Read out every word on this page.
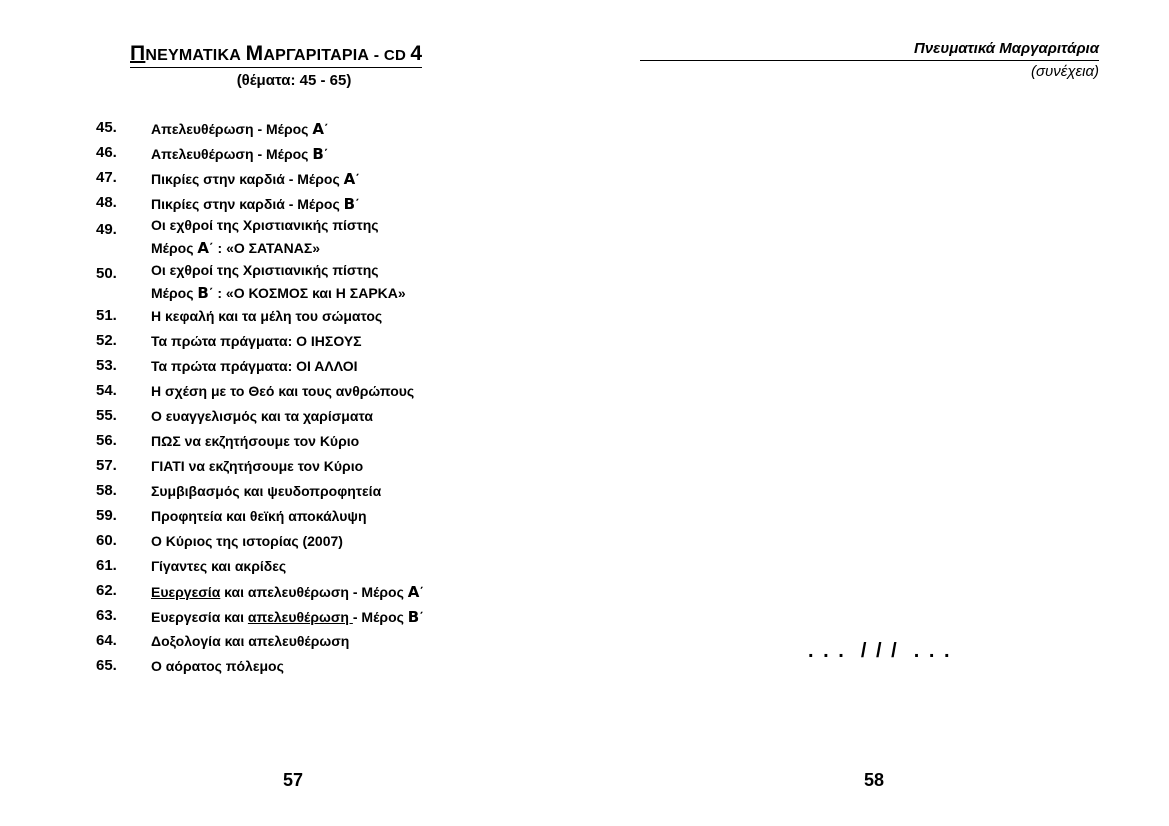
ΠΝΕΥΜΑΤΙΚΑ ΜΑΡΓΑΡΙΤΑΡΙΑ - CD 4
(θέματα: 45 - 65)
45. Απελευθέρωση - Μέρος Α΄
46. Απελευθέρωση - Μέρος Β΄
47. Πικρίες στην καρδιά - Μέρος Α΄
48. Πικρίες στην καρδιά - Μέρος Β΄
49. Οι εχθροί της Χριστιανικής πίστης
Μέρος Α΄ : «Ο ΣΑΤΑΝΑΣ»
50. Οι εχθροί της Χριστιανικής πίστης
Μέρος Β΄ : «Ο ΚΟΣΜΟΣ και Η ΣΑΡΚΑ»
51. Η κεφαλή και τα μέλη του σώματος
52. Τα πρώτα πράγματα: Ο ΙΗΣΟΥΣ
53. Τα πρώτα πράγματα: ΟΙ ΑΛΛΟΙ
54. Η σχέση με το Θεό και τους ανθρώπους
55. Ο ευαγγελισμός και τα χαρίσματα
56. ΠΩΣ να εκζητήσουμε τον Κύριο
57. ΓΙΑΤΙ να εκζητήσουμε τον Κύριο
58. Συμβιβασμός και ψευδοπροφητεία
59. Προφητεία και θεϊκή αποκάλυψη
60. Ο Κύριος της ιστορίας (2007)
61. Γίγαντες και ακρίδες
62. Ευεργεσία και απελευθέρωση - Μέρος Α΄
63. Ευεργεσία και απελευθέρωση - Μέρος Β΄
64. Δοξολογία και απελευθέρωση
65. Ο αόρατος πόλεμος
57
Πνευματικά Μαργαριτάρια
(συνέχεια)
. . .  / / /  . . .
58
